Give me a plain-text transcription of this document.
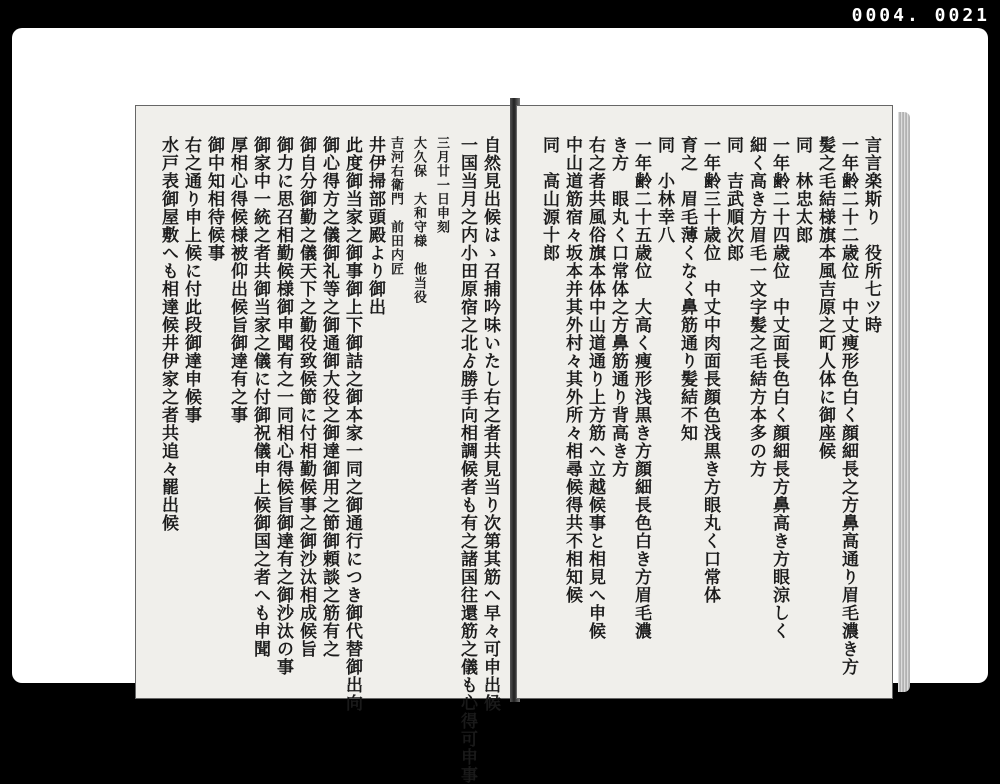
0004. 0021
自然見出候はゝ召捕吟味いたし右之者共見当り次第其筋へ早々可申出候
一国当月之内小田原宿之北ゟ勝手向相調候者も有之諸国往還筋之儀も心得可申事
三月廿一日申刻
大久保　大和守様　他当役
吉河右衛門　前田内匠
井伊掃部頭殿より御出
此度御当家之御事御上下御詰之御本家一同之御通行につき御代替御出向
御心得方之儀御礼等之御通御大役之御達御用之節御頼談之筋有之
御自分御勤之儀天下之勤役致候節に付相勤候事之御沙汰相成候旨
御力に思召相勤候様御申聞有之一同相心得候旨御達有之御沙汰の事
御家中一統之者共御当家之儀に付御祝儀申上候御国之者へも申聞
厚相心得候様被仰出候旨御達有之事
御中知相待候事
右之通り申上候に付此段御達申候事
水戸表御屋敷へも相達候井伊家之者共追々罷出候	言言楽斯り　役所七ツ時
一年齢二十二歳位　中丈痩形色白く顔細長之方鼻高通り眉毛濃き方
髪之毛結様旗本風吉原之町人体に御座候
同　林忠太郎
一年齢二十四歳位　中丈面長色白く顔細長方鼻高き方眼涼しく
細く高き方眉毛一文字髪之毛結方本多の方
同　吉武順次郎
一年齢三十歳位　中丈中肉面長顔色浅黒き方眼丸く口常体
育之　眉毛薄くなく鼻筋通り髪結不知
同　小林幸八
一年齢二十五歳位　大高く痩形浅黒き方顔細長色白き方眉毛濃
き方　眼丸く口常体之方鼻筋通り背高き方
右之者共風俗旗本体中山道通り上方筋へ立越候事と相見へ申候
中山道筋宿々坂本并其外村々其外所々相尋候得共不相知候
同　高山源十郎
